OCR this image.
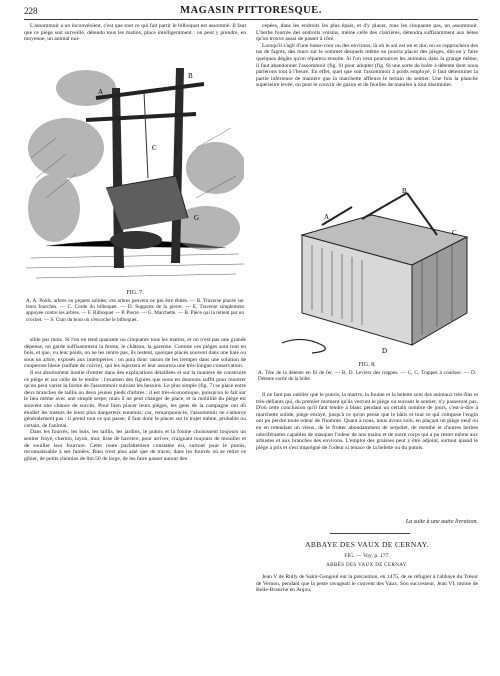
228	MAGASIN PITTORESQUE.

L'assommoir a un inconvénient, c'est que tout ce qui fait partir le bilboquet est assommé. Il faut que ce piège soit surveillé, détendu tous les matins, placé intelligemment : on peut y prendre, en moyenne, un animal nui-

A
B
C
G
FIG. 7.
A, A. Poids, arbres ou piquets solides; ces arbres peuvent ne pas être ébités. — B. Traverse placée sur leurs fourches. — C. Corde du bilboquet. — D. Supports de la pierre. — E. Traverse simplement appuyée contre les arbres. — F. Bilboquet — P. Pierre. — G. Marchette. — B. Pièce qui la retient par un crochet. — S. Cran du bout où s'encoche le bilboquet.

sible par mois. Si l'on en tend quarante ou cinquante tous les matins, et on n'est pas une grande dépense, on garde suffisamment la ferme, le château, la garenne. Comme ces pièges sont tout en bois, et que, vu leur poids, on ne les rentre pas, ils restent, quoique placés souvent dans une haie ou sous un arbre, exposés aux intempéries : on aura donc raison de les tremper dans une solution de couperose bleue (sulfate de cuivre), qui les injectera et leur assurera une très-longue conservation.

Il est absolument inutile d'entrer dans des explications détaillées et sur la manière de construire ce piège et sur celle de le tendre : l'examen des figures que nous en donnons suffit pour montrer qu'on peut varier la forme de l'assommoir suivant les besoins. Le plus simple (fig. 7) se place entre deux branches de taillis ou deux jeunes pieds d'arbres : il est très-économique, puisqu'on le fait sur le lieu même avec une simple serpe; mais il ne peut changer de place, et la mobilité du piège est souvent une chance de succès. Pour bien placer leurs pièges, les gens de la campagne ont dû étudier les mœurs de leurs plus dangereux ennemis; car, remarquons-le, l'assommoir ne s'amorce généralement pas : il prend tout ce qui passe; il faut donc le placer sur le trajet même, probable ou certain, de l'animal.

Dans les fourrés, les bois, les taillis, les jardins, le putois et la fouine choisissent toujours un sentier frayé, chemin, layon, mur, lisse de barrière, pour arriver, craignant toujours de mouiller et de souiller leur fourrure. Cette route parfaitement constatée est, surtout pour le putois, reconnaissable à ses fumées. Rien n'est plus aisé que de tracer, dans les fourrés où se retire ce gibier, de petits chemins de 0m.50 de large, de les faire passer autour des

cepées, dans les endroits les plus épais, et d'y placer, tous les cinquante pas, un assommoir. L'herbe fourrée des endroits voisins, même celle des clairières, détendra suffisamment aux bêtes qu'on trouve aussi de passer à côté.

Lorsqu'il s'agit d'une basse-cour ou des environs, là où le sol est un et dur, on se rapprochera des tas de fagots, des murs sur le sommet desquels même on pourra placer des pièges, dût-on y faire quelques dégâts qu'on réparera ensuite. Si l'on veut poursuivre les animaux dans la grange même, il faut abandonner l'assommoir (fig. 6) pour adopter (fig. 8) une sorte de boîte à détente dont nous parlerons tout à l'heure. En effet, quel que soit l'assommoir à poids employé, il faut déterminer la partie inférieure de manière que la marchette affleure le terrain du sentier. Une fois la planche supérieure levée, on peut le couvrir de gazon et de feuilles de manière à tout dissimuler.

B
C
A
D
FIG. 8.
A. Tête de la détente en fil de fer. — B, D. Leviers des trappes. — C, C. Trappes à coulisse. — D. Détente sortie de la boîte.

Il ne faut pas oublier que le putois, la martre, la fouine et la belette sont des animaux très-fins et très-défiants qui, du premier moment qu'ils verront le piège ou suivant le sentier, n'y passeront pas. D'où cette conclusion qu'il faut tendre à blanc pendant un certain nombre de jours, c'est-à-dire à marchette solide, piège enrayé, jusqu'à ce qu'on pense que le bâtis et tout ce qui compose l'engin ont pu perdre toute odeur de l'homme. Quant à nous, nous avons soin, en plaçant un piège neuf ou en en retendant un vieux, de le frotter abondamment de serpolet, de menthe et d'autres herbes odoriférantes capables de masquer l'odeur de nos mains et de notre corps qui a pu rester même aux arbustes et aux branches des environs. L'emploi des graisses peut y être adjoint, surtout quand le piège a pris et s'est imprégné de l'odeur si tenace de la belette ou du putois.

La suite à une autre livraison.
ABBAYE DES VAUX DE CERNAY.
FIG. — Voy. p. 177.
ABBÉS DES VAUX DE CERNAY.

Jean V de Rully de Saint-Gengoul eut la précaution, en 1475, de se réfugier à l'abbaye du Trésor de Vernon, pendant que la peste ravageait le couvent des Vaux. Son successeur, Jean VI, moine de Belle-Branche en Anjou,
